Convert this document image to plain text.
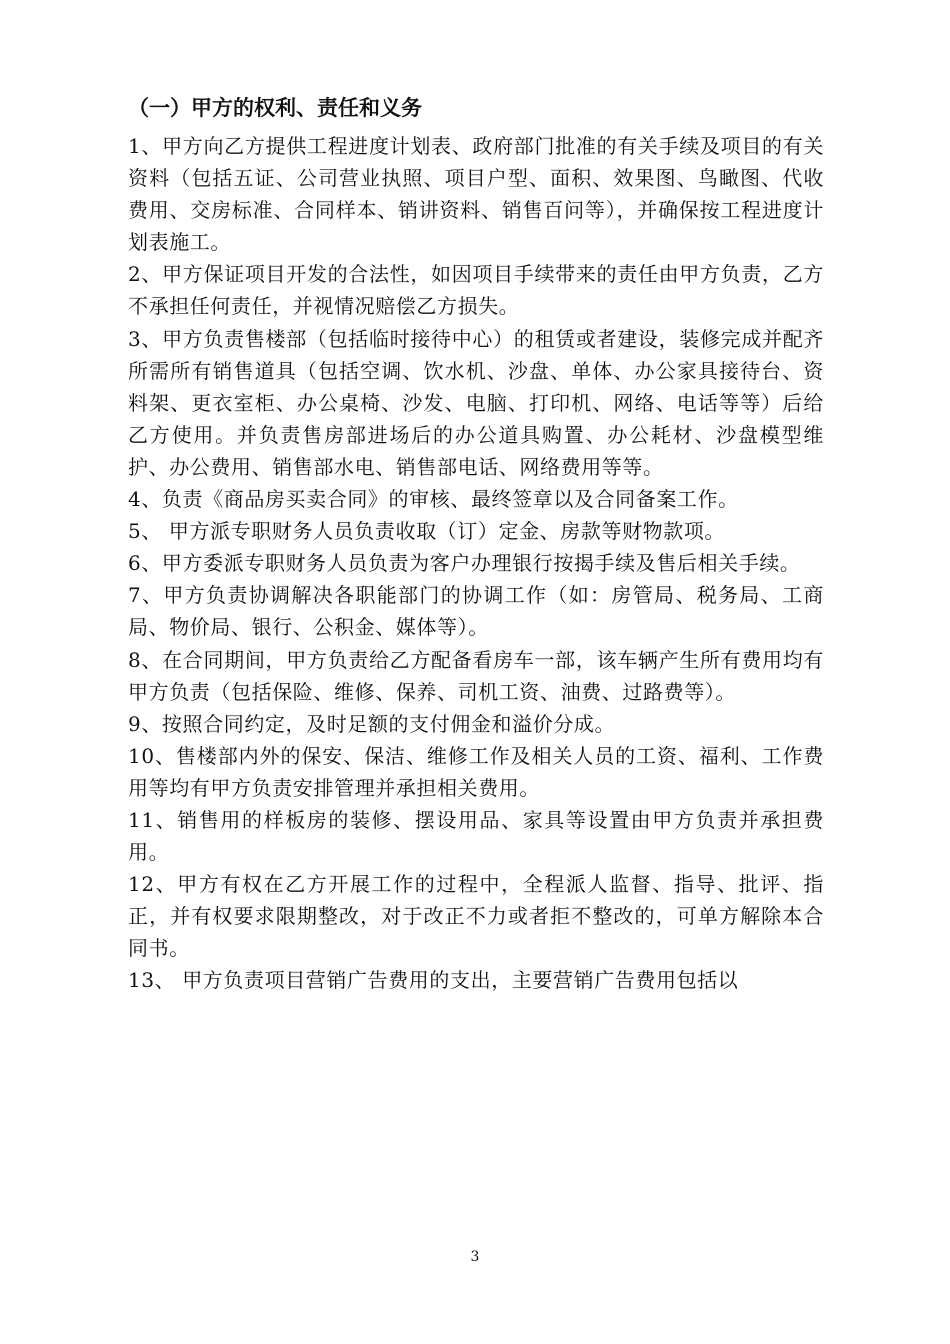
（一）甲方的权利、责任和义务

1、甲方向乙方提供工程进度计划表、政府部门批准的有关手续及项目的有关资料（包括五证、公司营业执照、项目户型、面积、效果图、鸟瞰图、代收费用、交房标准、合同样本、销讲资料、销售百问等），并确保按工程进度计划表施工。

2、甲方保证项目开发的合法性，如因项目手续带来的责任由甲方负责，乙方不承担任何责任，并视情况赔偿乙方损失。

3、甲方负责售楼部（包括临时接待中心）的租赁或者建设，装修完成并配齐所需所有销售道具（包括空调、饮水机、沙盘、单体、办公家具接待台、资料架、更衣室柜、办公桌椅、沙发、电脑、打印机、网络、电话等等）后给乙方使用。并负责售房部进场后的办公道具购置、办公耗材、沙盘模型维护、办公费用、销售部水电、销售部电话、网络费用等等。

4、负责《商品房买卖合同》的审核、最终签章以及合同备案工作。

5、 甲方派专职财务人员负责收取（订）定金、房款等财物款项。

6、甲方委派专职财务人员负责为客户办理银行按揭手续及售后相关手续。

7、甲方负责协调解决各职能部门的协调工作（如：房管局、税务局、工商局、物价局、银行、公积金、媒体等）。

8、在合同期间，甲方负责给乙方配备看房车一部，该车辆产生所有费用均有甲方负责（包括保险、维修、保养、司机工资、油费、过路费等）。

9、按照合同约定，及时足额的支付佣金和溢价分成。

10、售楼部内外的保安、保洁、维修工作及相关人员的工资、福利、工作费用等均有甲方负责安排管理并承担相关费用。

11、销售用的样板房的装修、摆设用品、家具等设置由甲方负责并承担费用。

12、甲方有权在乙方开展工作的过程中，全程派人监督、指导、批评、指正，并有权要求限期整改，对于改正不力或者拒不整改的，可单方解除本合同书。

13、 甲方负责项目营销广告费用的支出，主要营销广告费用包括以

3
